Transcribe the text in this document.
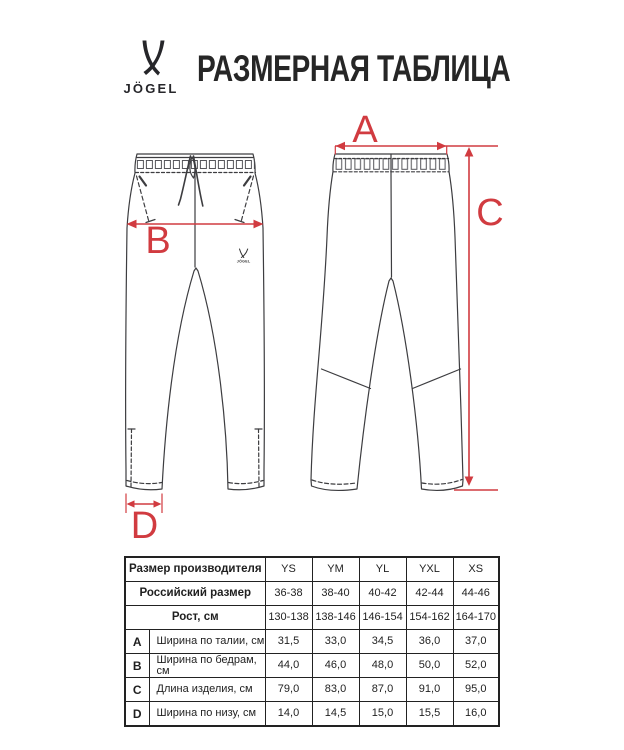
JÖGEL РАЗМЕРНАЯ ТАБЛИЦА
JÖGEL
B
D
A
C
Размер производителя		YS	YM	YL	YXL	XS
Российский размер		36-38	38-40	40-42	42-44	44-46
Рост, см		130-138	138-146	146-154	154-162	164-170
A	Ширина по талии, см	31,5	33,0	34,5	36,0	37,0
B	Ширина по бедрам, см	44,0	46,0	48,0	50,0	52,0
C	Длина изделия, см	79,0	83,0	87,0	91,0	95,0
D	Ширина по низу, см	14,0	14,5	15,0	15,5	16,0
